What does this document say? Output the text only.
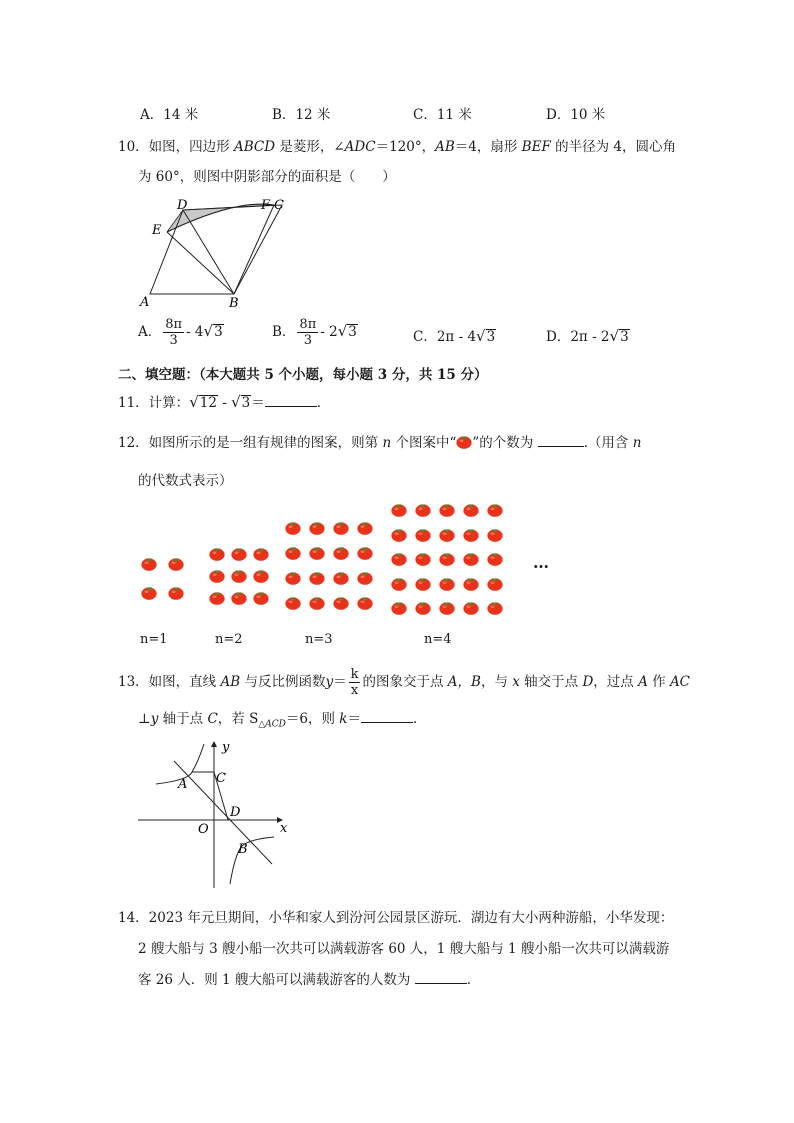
A．14 米	B．12 米	C．11 米	D．10 米
10．如图，四边形 ABCD 是菱形，∠ADC＝120°，AB＝4，扇形 BEF 的半径为 4，圆心角
为 60°，则图中阴影部分的面积是（　　）
D	F C
E
A	B
A． $\frac{8\pi}{3} - 4√3$	B． $\frac{8\pi}{3} - 2√3$	C．2π - 4√3	D．2π - 2√3
二、填空题：（本大题共 5 个小题，每小题 3 分，共 15 分）
11．计算：√12 - √3＝	．
12．如图所示的是一组有规律的图案，则第 n 个图案中“ ”的个数为	.（用含 n
的代数式表示）
…
n=1	n=2	n=3	n=4
13．如图，直线 AB 与反比例函数$y= \frac{k}{x}$ 的图象交于点 A，B，与 x 轴交于点 D，过点 A 作 AC
⊥y 轴于点 C，若 $S_{\triangle ACD}=6$，则 k＝	．
y
x
O
A C
D
B
14．2023 年元旦期间，小华和家人到汾河公园景区游玩．湖边有大小两种游船，小华发现：
2 艘大船与 3 艘小船一次共可以满载游客 60 人，1 艘大船与 1 艘小船一次共可以满载游
客 26 人．则 1 艘大船可以满载游客的人数为	．
